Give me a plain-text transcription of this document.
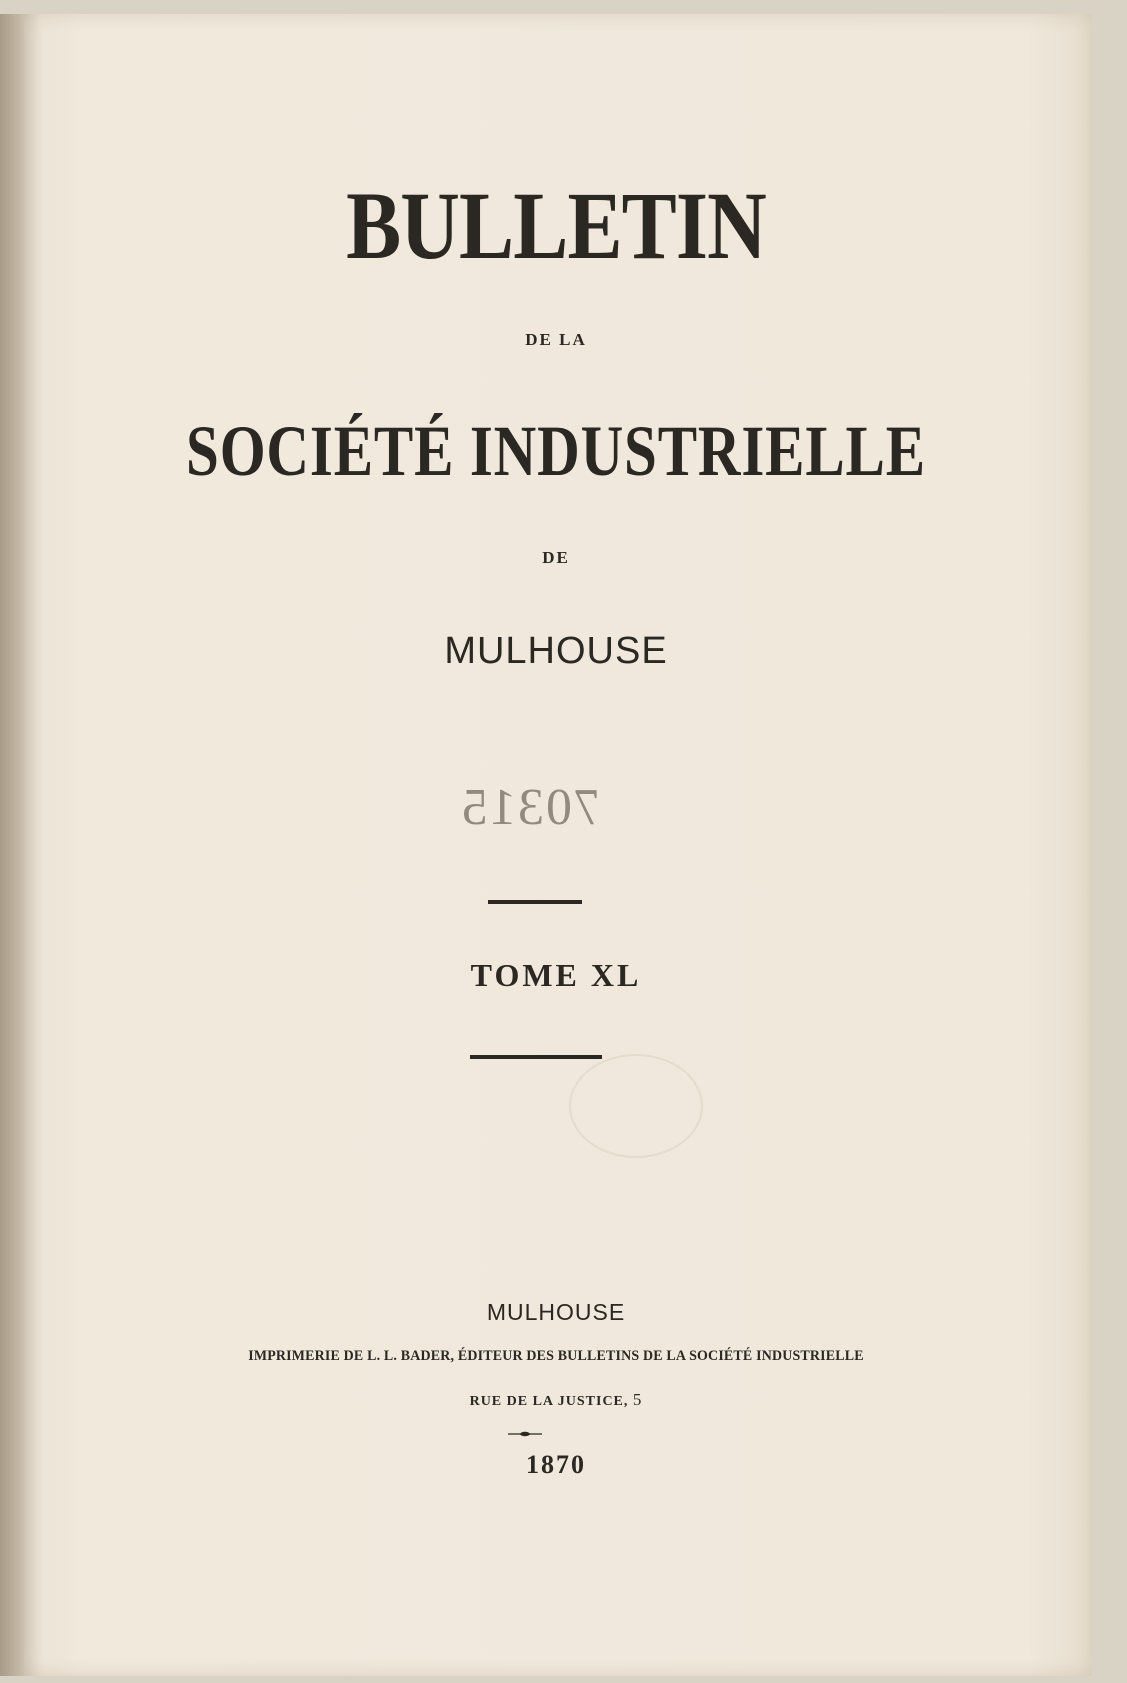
70315
BULLETIN
DE LA
SOCIÉTÉ INDUSTRIELLE
DE
MULHOUSE
TOME XL
MULHOUSE
IMPRIMERIE DE L. L. BADER, ÉDITEUR DES BULLETINS DE LA SOCIÉTÉ INDUSTRIELLE
RUE DE LA JUSTICE, 5
1870
